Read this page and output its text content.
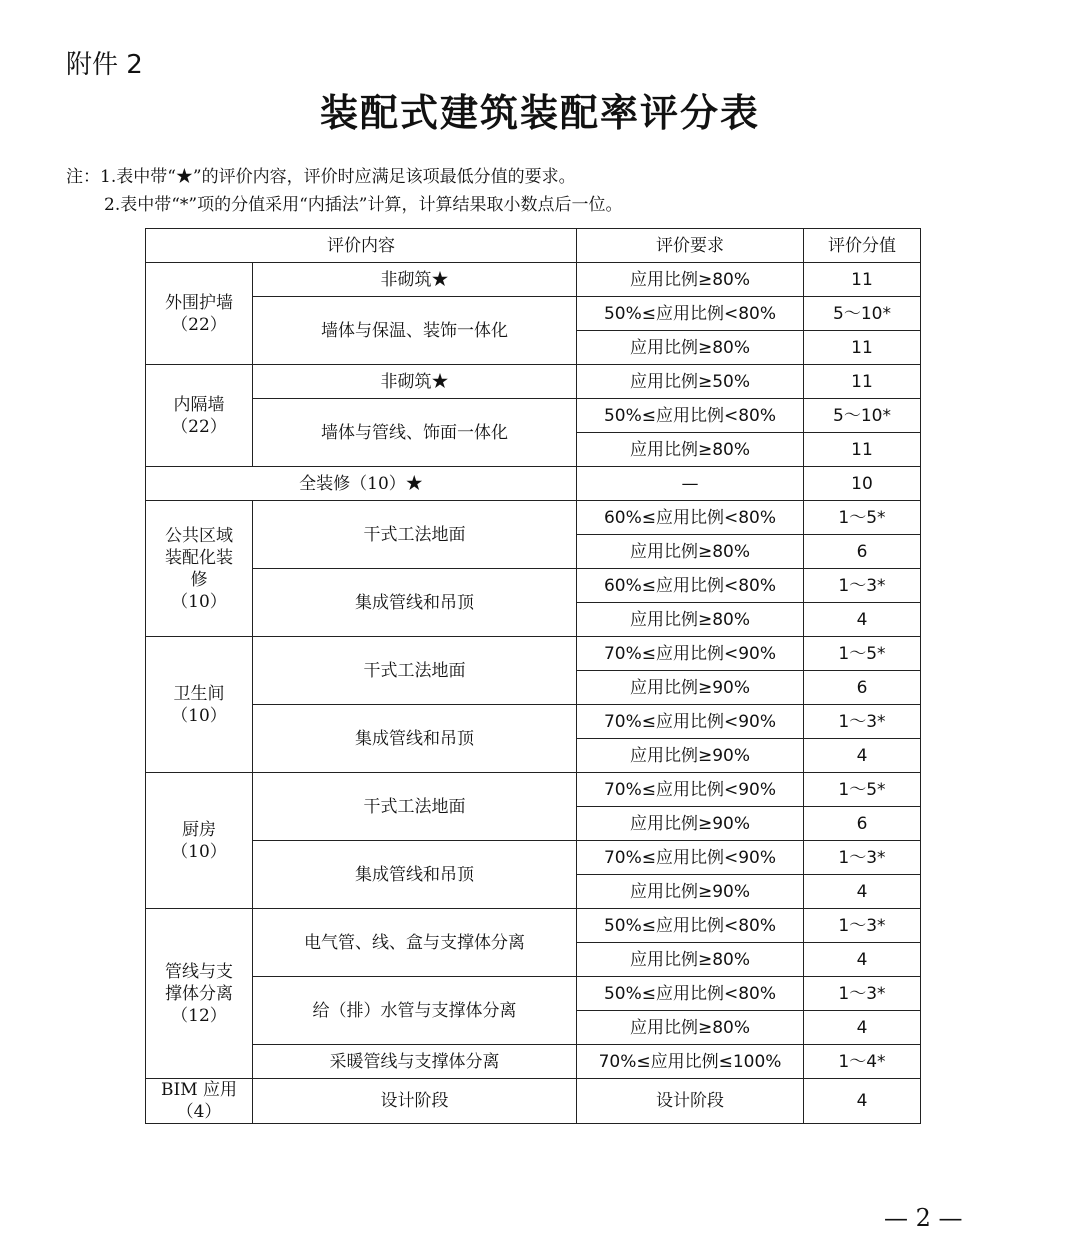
附件 2
装配式建筑装配率评分表
注：1.表中带“★”的评价内容，评价时应满足该项最低分值的要求。
2.表中带“*”项的分值采用“内插法”计算，计算结果取小数点后一位。
评价内容		评价要求	评价分值
外围护墙
（22）	非砌筑★	应用比例≥80%	11
	墙体与保温、装饰一体化	50%≤应用比例<80%	5～10*
		应用比例≥80%	11
内隔墙
（22）	非砌筑★	应用比例≥50%	11
	墙体与管线、饰面一体化	50%≤应用比例<80%	5～10*
		应用比例≥80%	11
全装修（10）★		—	10
公共区域
装配化装
修
（10）	干式工法地面	60%≤应用比例<80%	1～5*
		应用比例≥80%	6
	集成管线和吊顶	60%≤应用比例<80%	1～3*
		应用比例≥80%	4
卫生间
（10）	干式工法地面	70%≤应用比例<90%	1～5*
		应用比例≥90%	6
	集成管线和吊顶	70%≤应用比例<90%	1～3*
		应用比例≥90%	4
厨房
（10）	干式工法地面	70%≤应用比例<90%	1～5*
		应用比例≥90%	6
	集成管线和吊顶	70%≤应用比例<90%	1～3*
		应用比例≥90%	4
管线与支
撑体分离
（12）	电气管、线、盒与支撑体分离	50%≤应用比例<80%	1～3*
		应用比例≥80%	4
	给（排）水管与支撑体分离	50%≤应用比例<80%	1～3*
		应用比例≥80%	4
	采暖管线与支撑体分离	70%≤应用比例≤100%	1～4*
BIM 应用
（4）	设计阶段	设计阶段	4
— 2 —
